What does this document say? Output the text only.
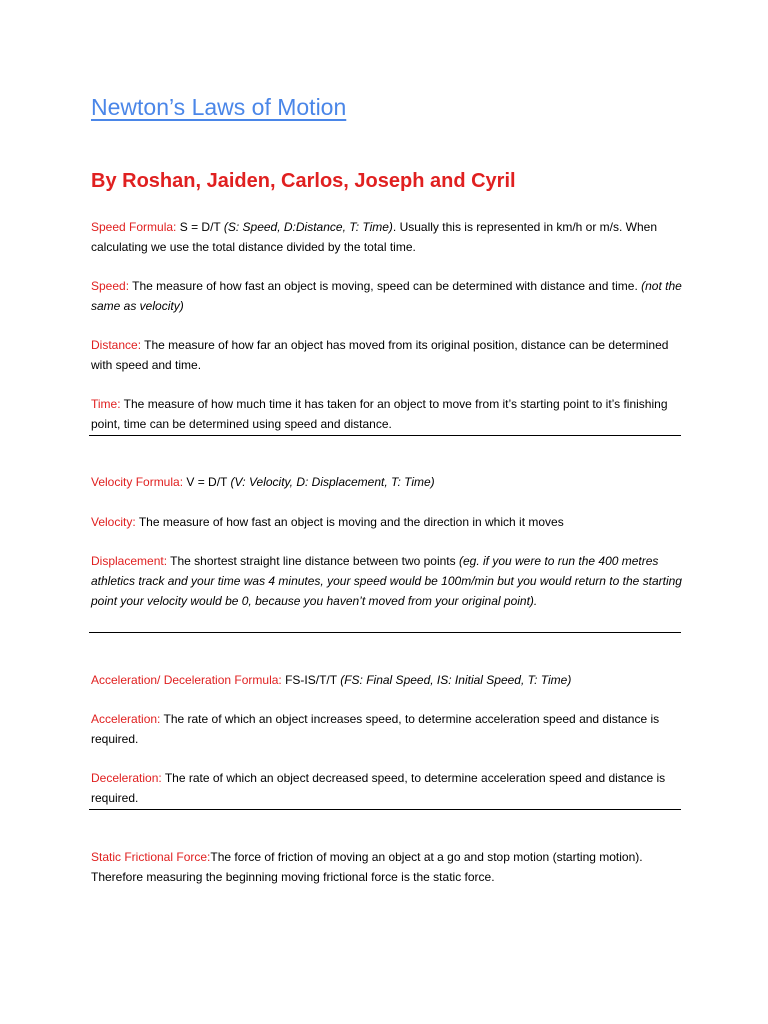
Newton’s Laws of Motion
By Roshan, Jaiden, Carlos, Joseph and Cyril

Speed Formula: S = D/T (S: Speed, D:Distance, T: Time). Usually this is represented in km/h or m/s. When calculating we use the total distance divided by the total time.

Speed: The measure of how fast an object is moving, speed can be determined with distance and time. (not the same as velocity)

Distance: The measure of how far an object has moved from its original position, distance can be determined with speed and time.

Time: The measure of how much time it has taken for an object to move from it’s starting point to it’s finishing point, time can be determined using speed and distance.

Velocity Formula: V = D/T (V: Velocity, D: Displacement, T: Time)

Velocity: The measure of how fast an object is moving and the direction in which it moves

Displacement: The shortest straight line distance between two points (eg. if you were to run the 400 metres athletics track and your time was 4 minutes, your speed would be 100m/min but you would return to the starting point your velocity would be 0, because you haven’t moved from your original point).

Acceleration/ Deceleration Formula: FS-IS/T/T (FS: Final Speed, IS: Initial Speed, T: Time)

Acceleration: The rate of which an object increases speed, to determine acceleration speed and distance is required.

Deceleration: The rate of which an object decreased speed, to determine acceleration speed and distance is required.

Static Frictional Force:The force of friction of moving an object at a go and stop motion (starting motion). Therefore measuring the beginning moving frictional force is the static force.
